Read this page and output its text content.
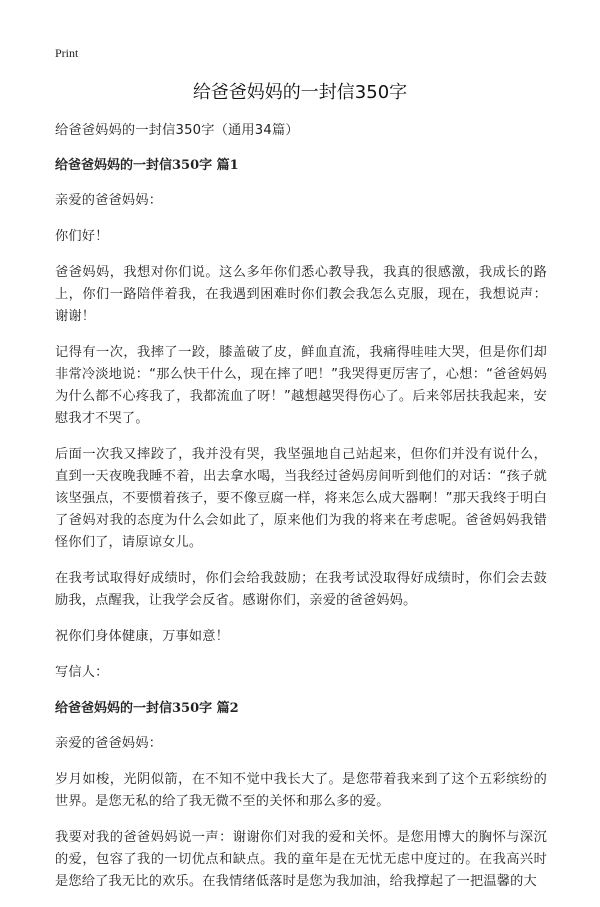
Print
给爸爸妈妈的一封信350字

给爸爸妈妈的一封信350字（通用34篇）

给爸爸妈妈的一封信350字 篇1

亲爱的爸爸妈妈：

你们好！

爸爸妈妈，我想对你们说。这么多年你们悉心教导我，我真的很感激，我成长的路上，你们一路陪伴着我，在我遇到困难时你们教会我怎么克服，现在，我想说声：谢谢！

记得有一次，我摔了一跤，膝盖破了皮，鲜血直流，我痛得哇哇大哭，但是你们却非常冷淡地说：“那么快干什么，现在摔了吧！”我哭得更厉害了，心想：“爸爸妈妈为什么都不心疼我了，我都流血了呀！”越想越哭得伤心了。后来邻居扶我起来，安慰我才不哭了。

后面一次我又摔跤了，我并没有哭，我坚强地自己站起来，但你们并没有说什么，直到一天夜晚我睡不着，出去拿水喝，当我经过爸妈房间听到他们的对话：“孩子就该坚强点，不要惯着孩子，要不像豆腐一样，将来怎么成大器啊！”那天我终于明白了爸妈对我的态度为什么会如此了，原来他们为我的将来在考虑呢。爸爸妈妈我错怪你们了，请原谅女儿。

在我考试取得好成绩时，你们会给我鼓励；在我考试没取得好成绩时，你们会去鼓励我，点醒我，让我学会反省。感谢你们，亲爱的爸爸妈妈。

祝你们身体健康，万事如意！

写信人：

给爸爸妈妈的一封信350字 篇2

亲爱的爸爸妈妈：

岁月如梭，光阴似箭，在不知不觉中我长大了。是您带着我来到了这个五彩缤纷的世界。是您无私的给了我无微不至的关怀和那么多的爱。

我要对我的爸爸妈妈说一声：谢谢你们对我的爱和关怀。是您用博大的胸怀与深沉的爱，包容了我的一切优点和缺点。我的童年是在无忧无虑中度过的。在我高兴时是您给了我无比的欢乐。在我情绪低落时是您为我加油，给我撑起了一把温馨的大
